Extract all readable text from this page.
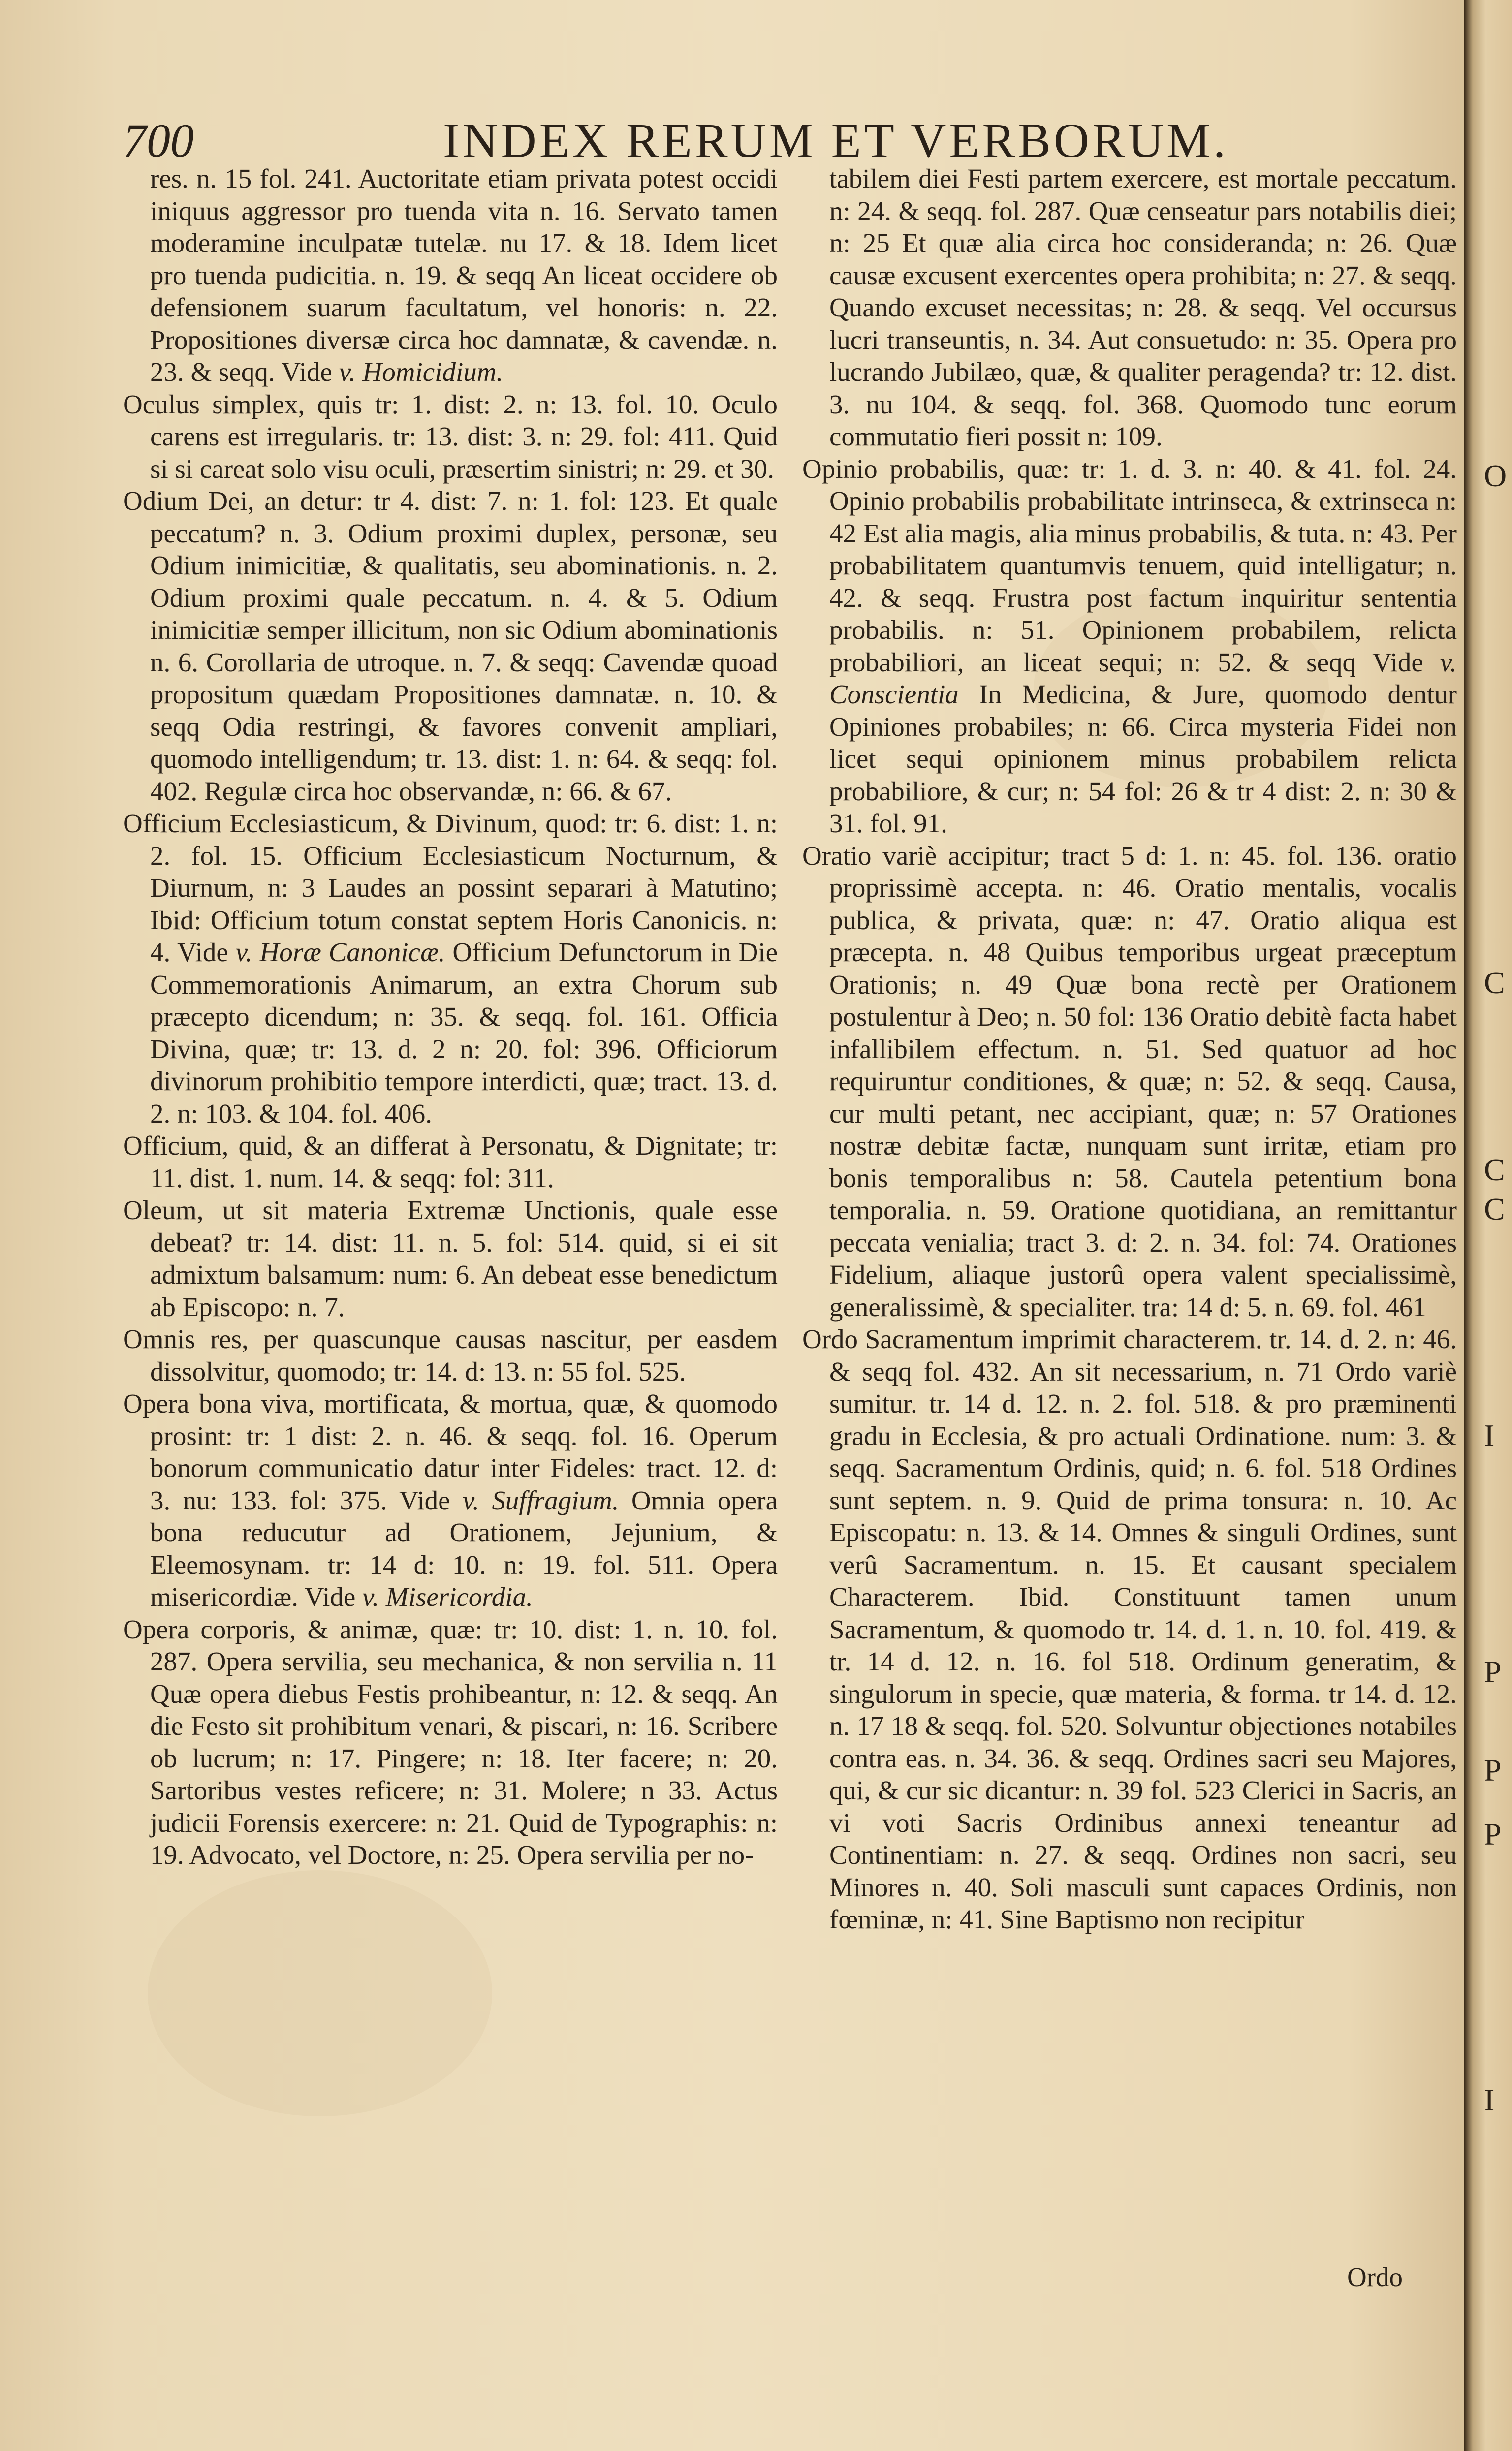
700	INDEX RERUM ET VERBORUM.

res. n. 15 fol. 241. Auctoritate etiam privata potest occidi iniquus aggressor pro tuenda vita n. 16. Servato tamen moderamine inculpatæ tutelæ. nu 17. & 18. Idem licet pro tuenda pudicitia. n. 19. & seqq An liceat occidere ob defensionem suarum facultatum, vel honoris: n. 22. Propositiones diversæ circa hoc damnatæ, & cavendæ. n. 23. & seqq. Vide v. Homicidium.

Oculus simplex, quis tr: 1. dist: 2. n: 13. fol. 10. Oculo carens est irregularis. tr: 13. dist: 3. n: 29. fol: 411. Quid si si careat solo visu oculi, præsertim sinistri; n: 29. et 30.

Odium Dei, an detur: tr 4. dist: 7. n: 1. fol: 123. Et quale peccatum? n. 3. Odium proximi duplex, personæ, seu Odium inimicitiæ, & qualitatis, seu abominationis. n. 2. Odium proximi quale peccatum. n. 4. & 5. Odium inimicitiæ semper illicitum, non sic Odium abominationis n. 6. Corollaria de utroque. n. 7. & seqq: Cavendæ quoad propositum quædam Propositiones damnatæ. n. 10. & seqq Odia restringi, & favores convenit ampliari, quomodo intelligendum; tr. 13. dist: 1. n: 64. & seqq: fol. 402. Regulæ circa hoc observandæ, n: 66. & 67.

Officium Ecclesiasticum, & Divinum, quod: tr: 6. dist: 1. n: 2. fol. 15. Officium Ecclesiasticum Nocturnum, & Diurnum, n: 3 Laudes an possint separari à Matutino; Ibid: Officium totum constat septem Horis Canonicis. n: 4. Vide v. Horæ Canonicæ. Officium Defunctorum in Die Commemorationis Animarum, an extra Chorum sub præcepto dicendum; n: 35. & seqq. fol. 161. Officia Divina, quæ; tr: 13. d. 2 n: 20. fol: 396. Officiorum divinorum prohibitio tempore interdicti, quæ; tract. 13. d. 2. n: 103. & 104. fol. 406.

Officium, quid, & an differat à Personatu, & Dignitate; tr: 11. dist. 1. num. 14. & seqq: fol: 311.

Oleum, ut sit materia Extremæ Unctionis, quale esse debeat? tr: 14. dist: 11. n. 5. fol: 514. quid, si ei sit admixtum balsamum: num: 6. An debeat esse benedictum ab Episcopo: n. 7.

Omnis res, per quascunque causas nascitur, per easdem dissolvitur, quomodo; tr: 14. d: 13. n: 55 fol. 525.

Opera bona viva, mortificata, & mortua, quæ, & quomodo prosint: tr: 1 dist: 2. n. 46. & seqq. fol. 16. Operum bonorum communicatio datur inter Fideles: tract. 12. d: 3. nu: 133. fol: 375. Vide v. Suffragium. Omnia opera bona reducutur ad Orationem, Jejunium, & Eleemosynam. tr: 14 d: 10. n: 19. fol. 511. Opera misericordiæ. Vide v. Misericordia.

Opera corporis, & animæ, quæ: tr: 10. dist: 1. n. 10. fol. 287. Opera servilia, seu mechanica, & non servilia n. 11 Quæ opera diebus Festis prohibeantur, n: 12. & seqq. An die Festo sit prohibitum venari, & piscari, n: 16. Scribere ob lucrum; n: 17. Pingere; n: 18. Iter facere; n: 20. Sartoribus vestes reficere; n: 31. Molere; n 33. Actus judicii Forensis exercere: n: 21. Quid de Typographis: n: 19. Advocato, vel Doctore, n: 25. Opera servilia per no-

tabilem diei Festi partem exercere, est mortale peccatum. n: 24. & seqq. fol. 287. Quæ censeatur pars notabilis diei; n: 25 Et quæ alia circa hoc consideranda; n: 26. Quæ causæ excusent exercentes opera prohibita; n: 27. & seqq. Quando excuset necessitas; n: 28. & seqq. Vel occursus lucri transeuntis, n. 34. Aut consuetudo: n: 35. Opera pro lucrando Jubilæo, quæ, & qualiter peragenda? tr: 12. dist. 3. nu 104. & seqq. fol. 368. Quomodo tunc eorum commutatio fieri possit n: 109.

Opinio probabilis, quæ: tr: 1. d. 3. n: 40. & 41. fol. 24. Opinio probabilis probabilitate intrinseca, & extrinseca n: 42 Est alia magis, alia minus probabilis, & tuta. n: 43. Per probabilitatem quantumvis tenuem, quid intelligatur; n. 42. & seqq. Frustra post factum inquiritur sententia probabilis. n: 51. Opinionem probabilem, relicta probabiliori, an liceat sequi; n: 52. & seqq Vide v. Conscientia In Medicina, & Jure, quomodo dentur Opiniones probabiles; n: 66. Circa mysteria Fidei non licet sequi opinionem minus probabilem relicta probabiliore, & cur; n: 54 fol: 26 & tr 4 dist: 2. n: 30 & 31. fol. 91.

Oratio variè accipitur; tract 5 d: 1. n: 45. fol. 136. oratio proprissimè accepta. n: 46. Oratio mentalis, vocalis publica, & privata, quæ: n: 47. Oratio aliqua est præcepta. n. 48 Quibus temporibus urgeat præceptum Orationis; n. 49 Quæ bona rectè per Orationem postulentur à Deo; n. 50 fol: 136 Oratio debitè facta habet infallibilem effectum. n. 51. Sed quatuor ad hoc requiruntur conditiones, & quæ; n: 52. & seqq. Causa, cur multi petant, nec accipiant, quæ; n: 57 Orationes nostræ debitæ factæ, nunquam sunt irritæ, etiam pro bonis temporalibus n: 58. Cautela petentium bona temporalia. n. 59. Oratione quotidiana, an remittantur peccata venialia; tract 3. d: 2. n. 34. fol: 74. Orationes Fidelium, aliaque justorû opera valent specialissimè, generalissimè, & specialiter. tra: 14 d: 5. n. 69. fol. 461

Ordo Sacramentum imprimit characterem. tr. 14. d. 2. n: 46. & seqq fol. 432. An sit necessarium, n. 71 Ordo variè sumitur. tr. 14 d. 12. n. 2. fol. 518. & pro præminenti gradu in Ecclesia, & pro actuali Ordinatione. num: 3. & seqq. Sacramentum Ordinis, quid; n. 6. fol. 518 Ordines sunt septem. n. 9. Quid de prima tonsura: n. 10. Ac Episcopatu: n. 13. & 14. Omnes & singuli Ordines, sunt verû Sacramentum. n. 15. Et causant specialem Characterem. Ibid. Constituunt tamen unum Sacramentum, & quomodo tr. 14. d. 1. n. 10. fol. 419. & tr. 14 d. 12. n. 16. fol 518. Ordinum generatim, & singulorum in specie, quæ materia, & forma. tr 14. d. 12. n. 17 18 & seqq. fol. 520. Solvuntur objectiones notabiles contra eas. n. 34. 36. & seqq. Ordines sacri seu Majores, qui, & cur sic dicantur: n. 39 fol. 523 Clerici in Sacris, an vi voti Sacris Ordinibus annexi teneantur ad Continentiam: n. 27. & seqq. Ordines non sacri, seu Minores n. 40. Soli masculi sunt capaces Ordinis, non fœminæ, n: 41. Sine Baptismo non recipitur

Ordo
O
C
C
C
I
P
P
P
I
